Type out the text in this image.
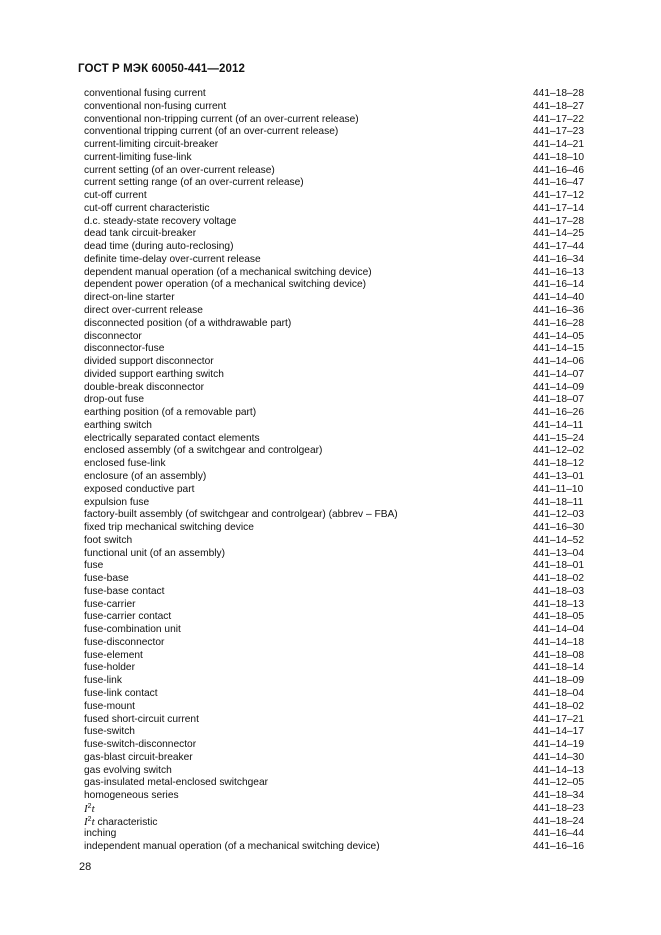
ГОСТ Р МЭК 60050-441—2012
conventional fusing current	441–18–28
conventional non-fusing current	441–18–27
conventional non-tripping current (of an over-current release)	441–17–22
conventional tripping current (of an over-current release)	441–17–23
current-limiting circuit-breaker	441–14–21
current-limiting fuse-link	441–18–10
current setting (of an over-current release)	441–16–46
current setting range (of an over-current release)	441–16–47
cut-off current	441–17–12
cut-off current characteristic	441–17–14
d.c. steady-state recovery voltage	441–17–28
dead tank circuit-breaker	441–14–25
dead time (during auto-reclosing)	441–17–44
definite time-delay over-current release	441–16–34
dependent manual operation (of a mechanical switching device)	441–16–13
dependent power operation (of a mechanical switching device)	441–16–14
direct-on-line starter	441–14–40
direct over-current release	441–16–36
disconnected position (of a withdrawable part)	441–16–28
disconnector	441–14–05
disconnector-fuse	441–14–15
divided support disconnector	441–14–06
divided support earthing switch	441–14–07
double-break disconnector	441–14–09
drop-out fuse	441–18–07
earthing position (of a removable part)	441–16–26
earthing switch	441–14–11
electrically separated contact elements	441–15–24
enclosed assembly (of a switchgear and controlgear)	441–12–02
enclosed fuse-link	441–18–12
enclosure (of an assembly)	441–13–01
exposed conductive part	441–11–10
expulsion fuse	441–18–11
factory-built assembly (of switchgear and controlgear) (abbrev – FBA)	441–12–03
fixed trip mechanical switching device	441–16–30
foot switch	441–14–52
functional unit (of an assembly)	441–13–04
fuse	441–18–01
fuse-base	441–18–02
fuse-base contact	441–18–03
fuse-carrier	441–18–13
fuse-carrier contact	441–18–05
fuse-combination unit	441–14–04
fuse-disconnector	441–14–18
fuse-element	441–18–08
fuse-holder	441–18–14
fuse-link	441–18–09
fuse-link contact	441–18–04
fuse-mount	441–18–02
fused short-circuit current	441–17–21
fuse-switch	441–14–17
fuse-switch-disconnector	441–14–19
gas-blast circuit-breaker	441–14–30
gas evolving switch	441–14–13
gas-insulated metal-enclosed switchgear	441–12–05
homogeneous series	441–18–34
$I^2t$	441–18–23
$I^2t$ characteristic	441–18–24
inching	441–16–44
independent manual operation (of a mechanical switching device)	441–16–16
28
